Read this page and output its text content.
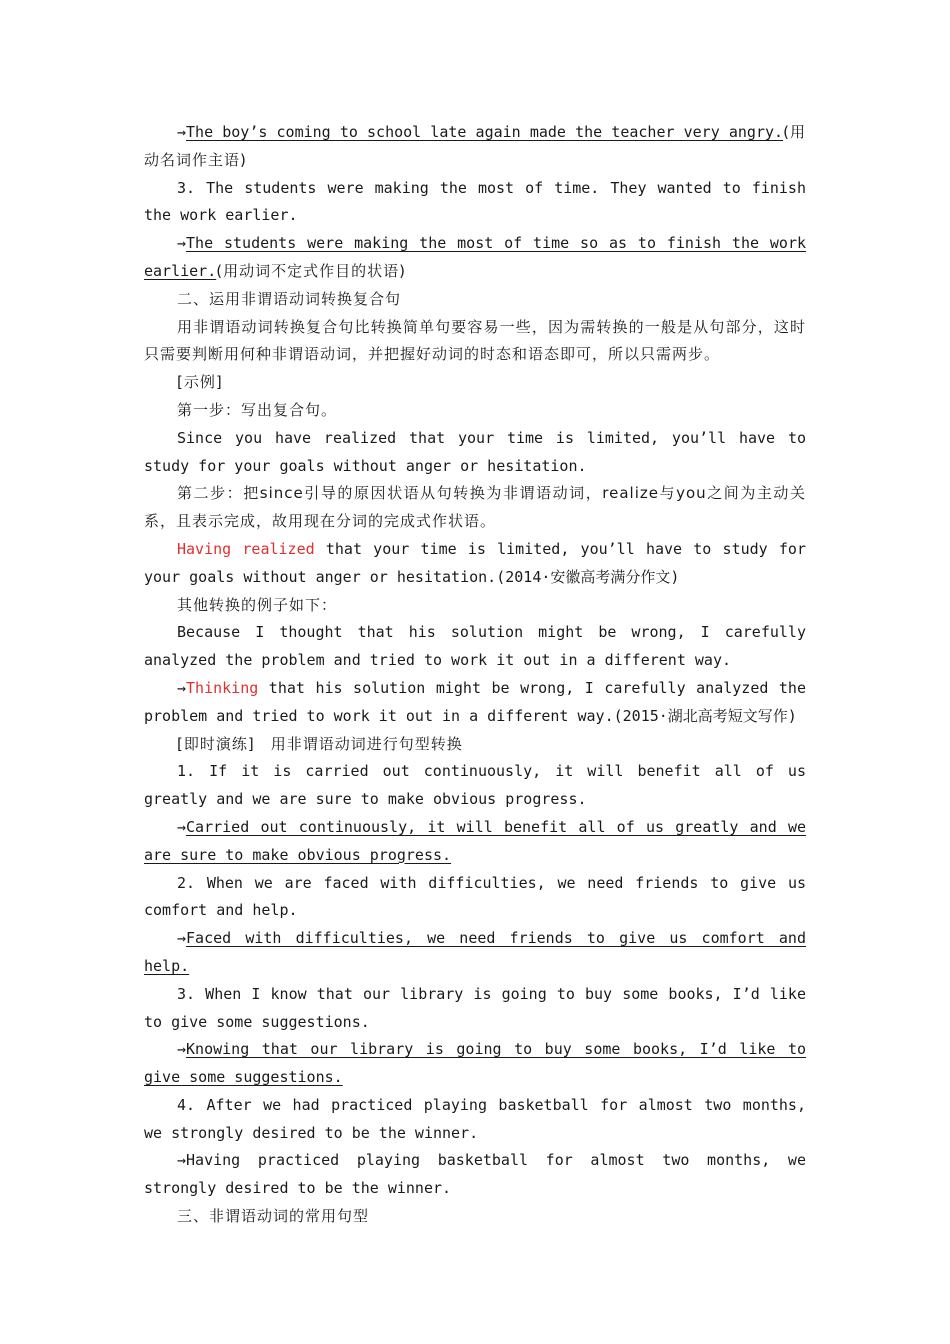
→The boy’s coming to school late again made the teacher very angry.(用动名词作主语)

3. The students were making the most of time. They wanted to finish the work earlier.

→The students were making the most of time so as to finish the work earlier.(用动词不定式作目的状语)

二、运用非谓语动词转换复合句

用非谓语动词转换复合句比转换简单句要容易一些，因为需转换的一般是从句部分，这时只需要判断用何种非谓语动词，并把握好动词的时态和语态即可，所以只需两步。

[示例]

第一步：写出复合句。

Since you have realized that your time is limited, you’ll have to study for your goals without anger or hesitation.

第二步：把since引导的原因状语从句转换为非谓语动词，realize与you之间为主动关系，且表示完成，故用现在分词的完成式作状语。

Having realized that your time is limited, you’ll have to study for your goals without anger or hesitation.(2014·安徽高考满分作文)

其他转换的例子如下：

Because I thought that his solution might be wrong, I carefully analyzed the problem and tried to work it out in a different way.

→Thinking that his solution might be wrong, I carefully analyzed the problem and tried to work it out in a different way.(2015·湖北高考短文写作)

[即时演练]　用非谓语动词进行句型转换

1. If it is carried out continuously, it will benefit all of us greatly and we are sure to make obvious progress.

→Carried out continuously, it will benefit all of us greatly and we are sure to make obvious progress.

2. When we are faced with difficulties, we need friends to give us comfort and help.

→Faced with difficulties, we need friends to give us comfort and help.

3. When I know that our library is going to buy some books, I’d like to give some suggestions.

→Knowing that our library is going to buy some books, I’d like to give some suggestions.

4. After we had practiced playing basketball for almost two months, we strongly desired to be the winner.

→Having practiced playing basketball for almost two months, we strongly desired to be the winner.

三、非谓语动词的常用句型
